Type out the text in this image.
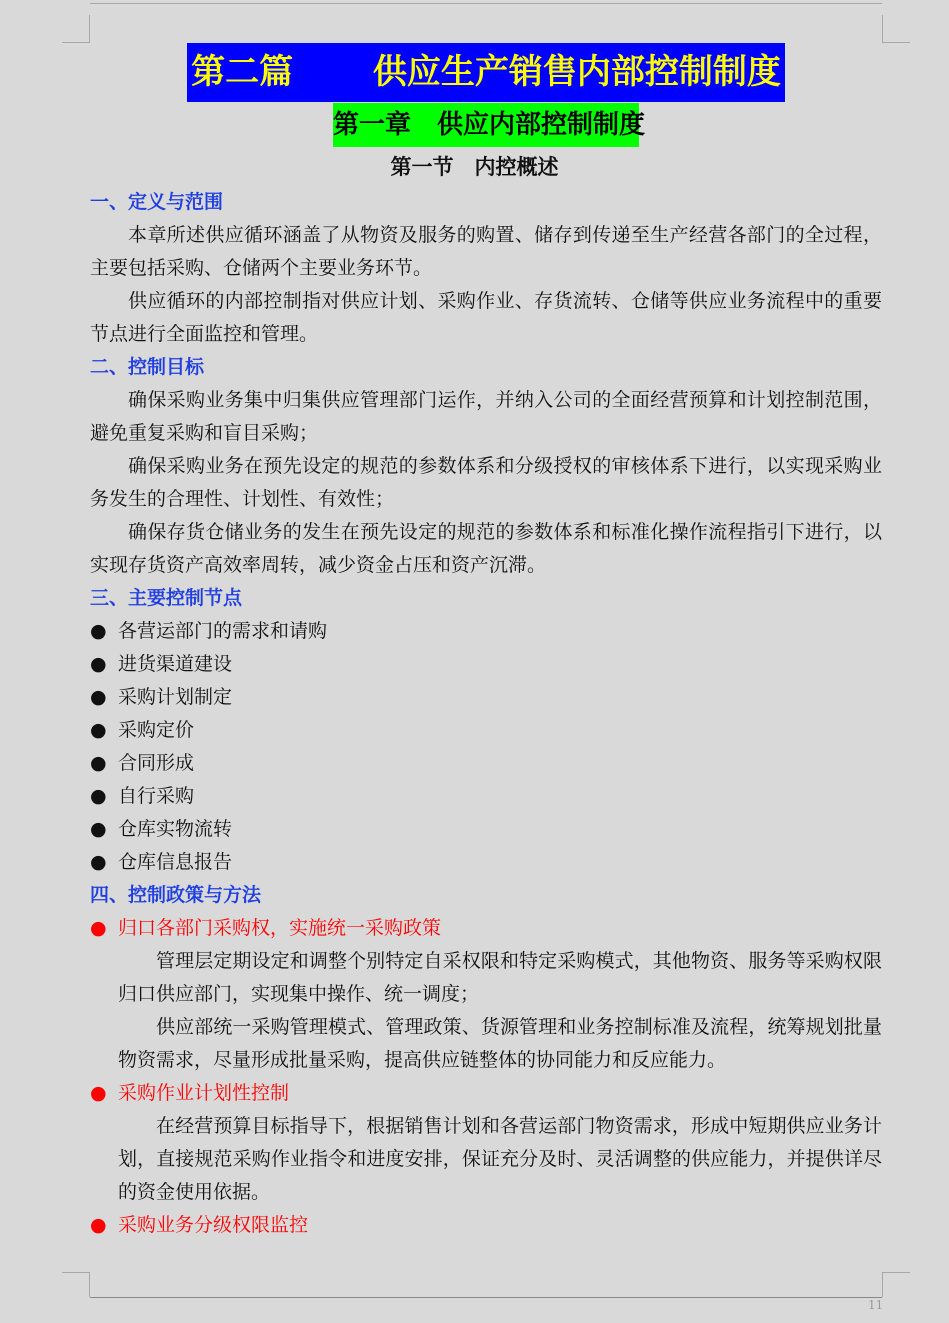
第二篇　　 供应生产销售内部控制制度
第一章　供应内部控制制度
第一节　内控概述
一、定义与范围
本章所述供应循环涵盖了从物资及服务的购置、储存到传递至生产经营各部门的全过程，主要包括采购、仓储两个主要业务环节。
供应循环的内部控制指对供应计划、采购作业、存货流转、仓储等供应业务流程中的重要节点进行全面监控和管理。
二、控制目标
确保采购业务集中归集供应管理部门运作，并纳入公司的全面经营预算和计划控制范围，避免重复采购和盲目采购；
确保采购业务在预先设定的规范的参数体系和分级授权的审核体系下进行，以实现采购业务发生的合理性、计划性、有效性；
确保存货仓储业务的发生在预先设定的规范的参数体系和标准化操作流程指引下进行，以实现存货资产高效率周转，减少资金占压和资产沉滞。
三、主要控制节点
● 各营运部门的需求和请购
● 进货渠道建设
● 采购计划制定
● 采购定价
● 合同形成
● 自行采购
● 仓库实物流转
● 仓库信息报告
四、控制政策与方法
● 归口各部门采购权，实施统一采购政策
管理层定期设定和调整个别特定自采权限和特定采购模式，其他物资、服务等采购权限归口供应部门，实现集中操作、统一调度；
供应部统一采购管理模式、管理政策、货源管理和业务控制标准及流程，统筹规划批量物资需求，尽量形成批量采购，提高供应链整体的协同能力和反应能力。
● 采购作业计划性控制
在经营预算目标指导下，根据销售计划和各营运部门物资需求，形成中短期供应业务计划，直接规范采购作业指令和进度安排，保证充分及时、灵活调整的供应能力，并提供详尽的资金使用依据。
● 采购业务分级权限监控
11
